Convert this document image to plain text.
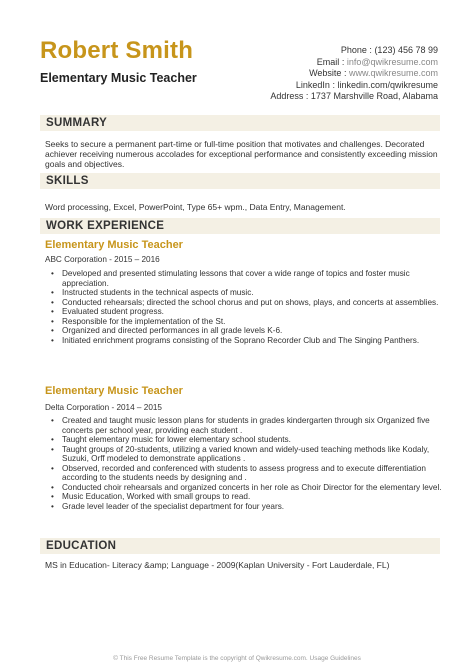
Robert Smith
Elementary Music Teacher
Phone : (123) 456 78 99
Email : info@qwikresume.com
Website : www.qwikresume.com
LinkedIn : linkedin.com/qwikresume
Address : 1737 Marshville Road, Alabama
SUMMARY
Seeks to secure a permanent part-time or full-time position that motivates and challenges. Decorated achiever receiving numerous accolades for exceptional performance and consistently exceeding mission goals and objectives.
SKILLS
Word processing, Excel, PowerPoint, Type 65+ wpm., Data Entry, Management.
WORK EXPERIENCE
Elementary Music Teacher
ABC Corporation - 2015 – 2016
• Developed and presented stimulating lessons that cover a wide range of topics and foster music appreciation.
• Instructed students in the technical aspects of music.
• Conducted rehearsals; directed the school chorus and put on shows, plays, and concerts at assemblies.
• Evaluated student progress.
• Responsible for the implementation of the St.
• Organized and directed performances in all grade levels K-6.
• Initiated enrichment programs consisting of the Soprano Recorder Club and The Singing Panthers.
Elementary Music Teacher
Delta Corporation - 2014 – 2015
• Created and taught music lesson plans for students in grades kindergarten through six Organized five concerts per school year, providing each student .
• Taught elementary music for lower elementary school students.
• Taught groups of 20-students, utilizing a varied known and widely-used teaching methods like Kodaly, Suzuki, Orff modeled to demonstrate applications .
• Observed, recorded and conferenced with students to assess progress and to execute differentiation according to the students needs by designing and .
• Conducted choir rehearsals and organized concerts in her role as Choir Director for the elementary level.
• Music Education, Worked with small groups to read.
• Grade level leader of the specialist department for four years.
EDUCATION
MS in Education- Literacy &amp; Language - 2009(Kaplan University - Fort Lauderdale, FL)
© This Free Resume Template is the copyright of Qwikresume.com. Usage Guidelines
